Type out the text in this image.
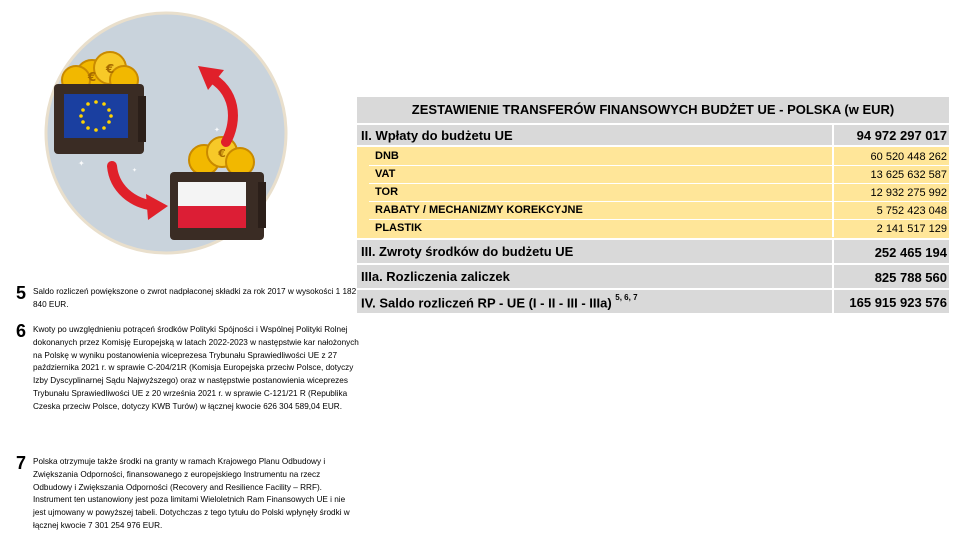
€
€
€
✦
✦
✦
5 Saldo rozliczeń powiększone o zwrot nadpłaconej składki za rok 2017 w wysokości 1 182 840 EUR.
6 Kwoty po uwzględnieniu potrąceń środków Polityki Spójności i Wspólnej Polityki Rolnej dokonanych przez Komisję Europejską w latach 2022-2023 w następstwie kar nałożonych na Polskę w wyniku postanowienia wiceprezesa Trybunału Sprawiedliwości UE z 27 października 2021 r. w sprawie C-204/21R (Komisja Europejska przeciw Polsce, dotyczy Izby Dyscyplinarnej Sądu Najwyższego) oraz w następstwie postanowienia wiceprezes Trybunału Sprawiedliwości UE z 20 września 2021 r. w sprawie C-121/21 R (Republika Czeska przeciw Polsce, dotyczy KWB Turów) w łącznej kwocie 626 304 589,04 EUR.
7 Polska otrzymuje także środki na granty w ramach Krajowego Planu Odbudowy i Zwiększania Odporności, finansowanego z europejskiego Instrumentu na rzecz Odbudowy i Zwiększania Odporności (Recovery and Resilience Facility – RRF). Instrument ten ustanowiony jest poza limitami Wieloletnich Ram Finansowych UE i nie jest ujmowany w powyższej tabeli. Dotychczas z tego tytułu do Polski wpłynęły środki w łącznej kwocie 7 301 254 976 EUR.
ZESTAWIENIE TRANSFERÓW FINANSOWYCH BUDŻET UE - POLSKA (w EUR)
II. Wpłaty do budżetu UE	94 972 297 017
DNB	60 520 448 262
VAT	13 625 632 587
TOR	12 932 275 992
RABATY / MECHANIZMY KOREKCYJNE	5 752 423 048
PLASTIK	2 141 517 129
III. Zwroty środków do budżetu UE	252 465 194
IIIa. Rozliczenia zaliczek	825 788 560
IV. Saldo rozliczeń RP - UE (I - II - III - IIIa) $^{5, 6, 7}$	165 915 923 576
